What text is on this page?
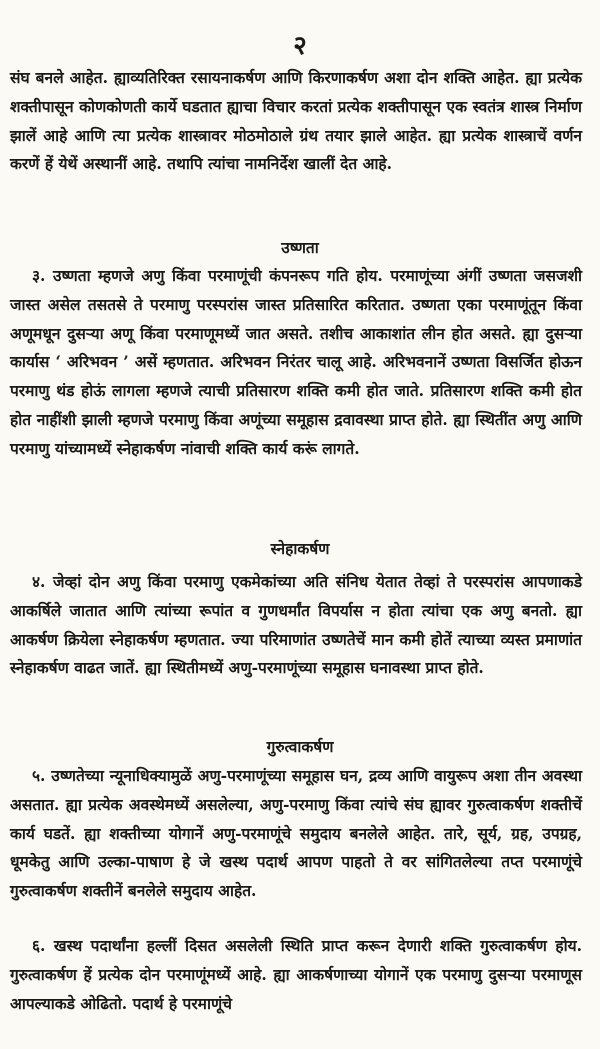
२

संघ बनले आहेत. ह्याव्यतिरिक्त रसायनाकर्षण आणि किरणाकर्षण अशा दोन शक्ति आहेत. ह्या प्रत्येक शक्तीपासून कोणकोणती कार्ये घडतात ह्याचा विचार करतां प्रत्येक शक्तीपासून एक स्वतंत्र शास्त्र निर्माण झालें आहे आणि त्या प्रत्येक शास्त्रावर मोठमोठाले ग्रंथ तयार झाले आहेत. ह्या प्रत्येक शास्त्राचें वर्णन करणें हें येथें अस्थानीं आहे. तथापि त्यांचा नामनिर्देश खालीं देत आहे.

उष्णता

३. उष्णता म्हणजे अणु किंवा परमाणूंची कंपनरूप गति होय. परमाणूंच्या अंगीं उष्णता जसजशी जास्त असेल तसतसे ते परमाणु परस्परांस जास्त प्रतिसारित करितात. उष्णता एका परमाणूंतून किंवा अणूमधून दुसऱ्या अणू किंवा परमाणूमध्यें जात असते. तशीच आकाशांत लीन होत असते. ह्या दुसऱ्या कार्यास ‘ अरिभवन ’ असें म्हणतात. अरिभवन निरंतर चालू आहे. अरिभवनानें उष्णता विसर्जित होऊन परमाणु थंड होऊं लागला म्हणजे त्याची प्रतिसारण शक्ति कमी होत जाते. प्रतिसारण शक्ति कमी होत होत नाहींशी झाली म्हणजे परमाणु किंवा अणूंच्या समूहास द्रवावस्था प्राप्त होते. ह्या स्थितींत अणु आणि परमाणु यांच्यामध्यें स्नेहाकर्षण नांवाची शक्ति कार्य करूं लागते.

स्नेहाकर्षण

४. जेव्हां दोन अणु किंवा परमाणु एकमेकांच्या अति संनिध येतात तेव्हां ते परस्परांस आपणाकडे आकर्षिले जातात आणि त्यांच्या रूपांत व गुणधर्मांत विपर्यास न होता त्यांचा एक अणु बनतो. ह्या आकर्षण क्रियेला स्नेहाकर्षण म्हणतात. ज्या परिमाणांत उष्णतेचें मान कमी होतें त्याच्या व्यस्त प्रमाणांत स्नेहाकर्षण वाढत जातें. ह्या स्थितीमध्यें अणु-परमाणूंच्या समूहास घनावस्था प्राप्त होते.

गुरुत्वाकर्षण

५. उष्णतेच्या न्यूनाधिक्यामुळें अणु-परमाणूंच्या समूहास घन, द्रव्य आणि वायुरूप अशा तीन अवस्था असतात. ह्या प्रत्येक अवस्थेमध्यें असलेल्या, अणु-परमाणु किंवा त्यांचे संघ ह्यावर गुरुत्वाकर्षण शक्तीचें कार्य घडतें. ह्या शक्तीच्या योगानें अणु-परमाणूंचे समुदाय बनलेले आहेत. तारे, सूर्य, ग्रह, उपग्रह, धूमकेतु आणि उल्का-पाषाण हे जे खस्थ पदार्थ आपण पाहतो ते वर सांगितलेल्या तप्त परमाणूंचे गुरुत्वाकर्षण शक्तीनें बनलेले समुदाय आहेत.

६. खस्थ पदार्थांना हल्लीं दिसत असलेली स्थिति प्राप्त करून देणारी शक्ति गुरुत्वाकर्षण होय. गुरुत्वाकर्षण हें प्रत्येक दोन परमाणूंमध्यें आहे. ह्या आकर्षणाच्या योगानें एक परमाणु दुसऱ्या परमाणूस आपल्याकडे ओढितो. पदार्थ हे परमाणूंचे
